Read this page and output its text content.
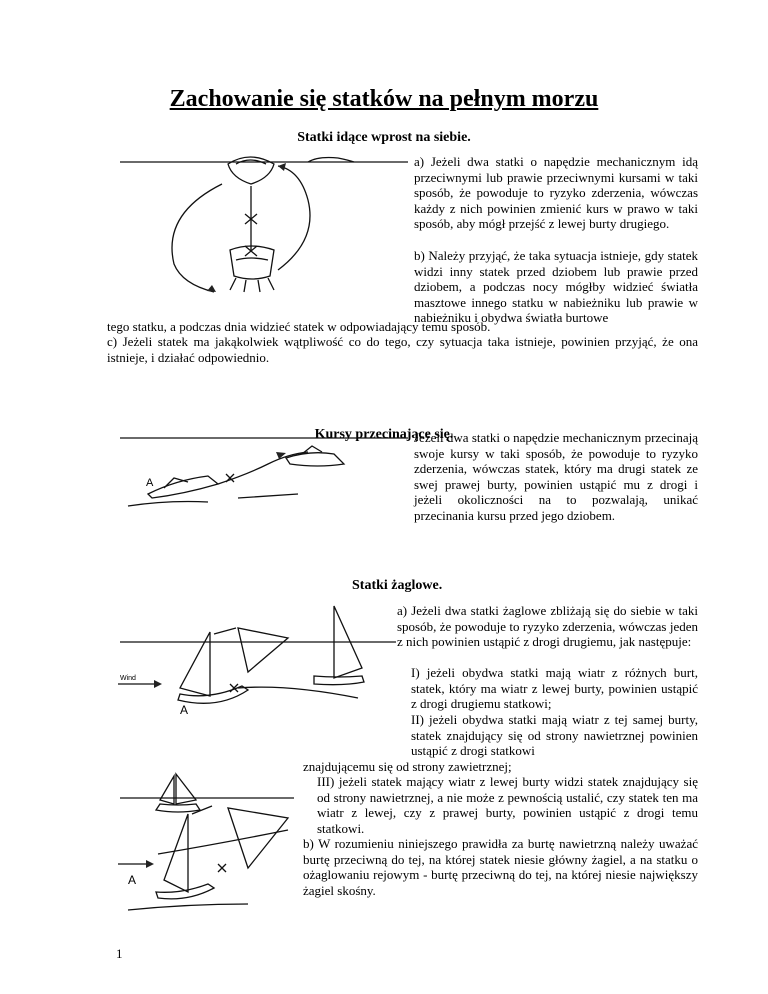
Zachowanie się statków na pełnym morzu
Statki idące wprost na siebie.

a) Jeżeli dwa statki o napędzie mechanicznym idą przeciwnymi lub prawie przeciwnymi kursami w taki sposób, że powoduje to ryzyko zderzenia, wówczas każdy z nich powinien zmienić kurs w prawo w taki sposób, aby mógł przejść z lewej burty drugiego.

b) Należy przyjąć, że taka sytuacja istnieje, gdy statek widzi inny statek przed dziobem lub prawie przed dziobem, a podczas nocy mógłby widzieć światła masztowe innego statku w nabieżniku lub prawie w nabieżniku i obydwa światła burtowe

tego statku, a podczas dnia widzieć statek w odpowiadający temu sposób.

c) Jeżeli statek ma jakąkolwiek wątpliwość co do tego, czy sytuacja taka istnieje, powinien przyjąć, że ona istnieje, i działać odpowiednio.

Kursy przecinające się.
A

Jeżeli dwa statki o napędzie mechanicznym przecinają swoje kursy w taki sposób, że powoduje to ryzyko zderzenia, wówczas statek, który ma drugi statek ze swej prawej burty, powinien ustąpić mu z drogi i jeżeli okoliczności na to pozwalają, unikać przecinania kursu przed jego dziobem.

Statki żaglowe.
Wind
A

a) Jeżeli dwa statki żaglowe zbliżają się do siebie w taki sposób, że powoduje to ryzyko zderzenia, wówczas jeden z nich powinien ustąpić z drogi drugiemu, jak następuje:

I) jeżeli obydwa statki mają wiatr z różnych burt, statek, który ma wiatr z lewej burty, powinien ustąpić z drogi drugiemu statkowi;

II) jeżeli obydwa statki mają wiatr z tej samej burty, statek znajdujący się od strony nawietrznej powinien ustąpić z drogi statkowi

znajdującemu się od strony zawietrznej;

A

III) jeżeli statek mający wiatr z lewej burty widzi statek znajdujący się od strony nawietrznej, a nie może z pewnością ustalić, czy statek ten ma wiatr z lewej, czy z prawej burty, powinien ustąpić z drogi temu statkowi.

b) W rozumieniu niniejszego prawidła za burtę nawietrzną należy uważać burtę przeciwną do tej, na której statek niesie główny żagiel, a na statku o ożaglowaniu rejowym - burtę przeciwną do tej, na której niesie największy żagiel skośny.

1
